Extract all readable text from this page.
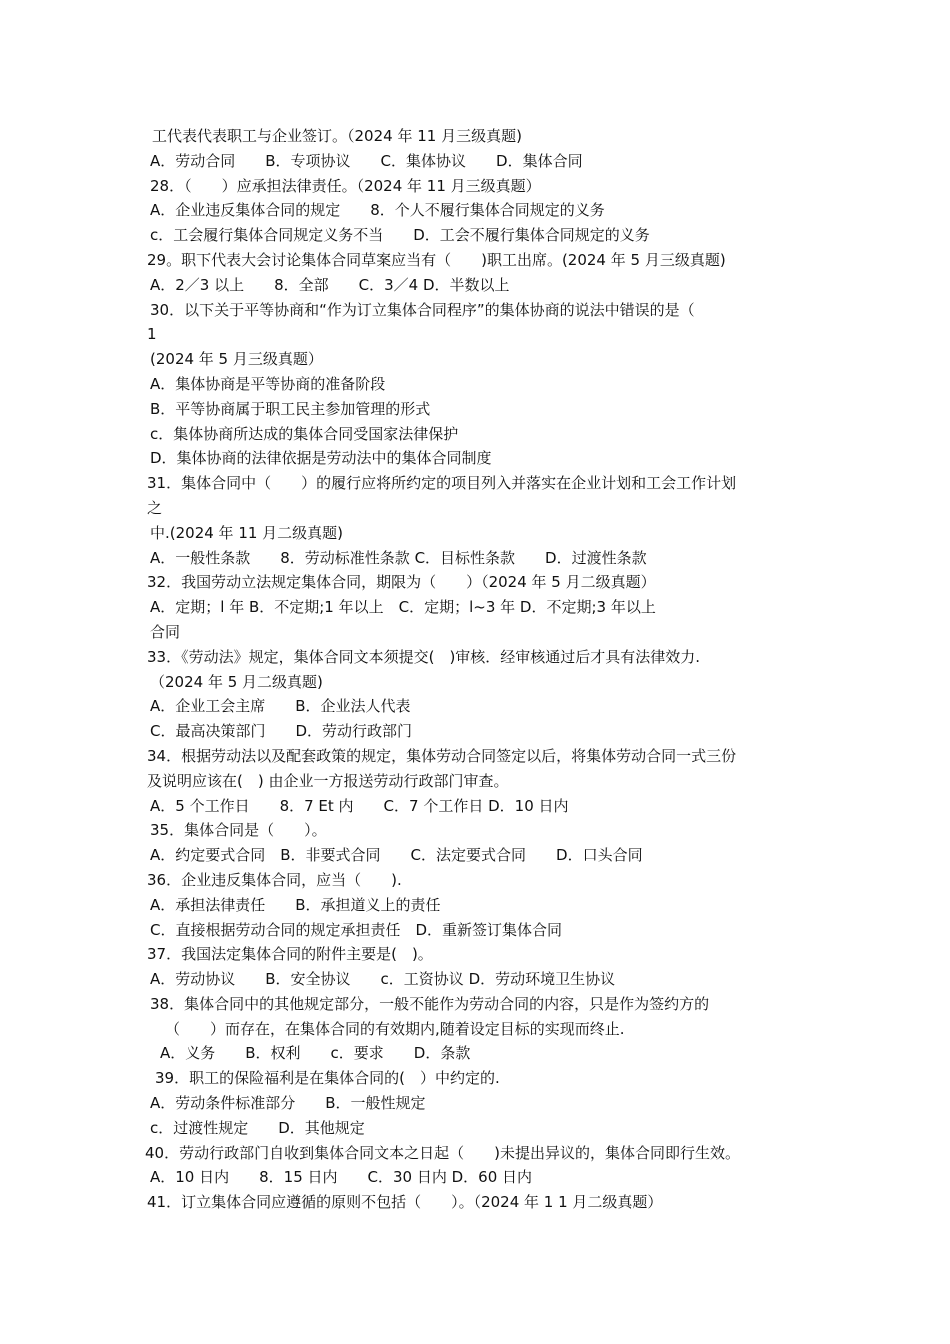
工代表代表职工与企业签订。（2024 年 11 月三级真题)
A．劳动合同　　B．专项协议　　C．集体协议　　D．集体合同
28．（　　）应承担法律责任。（2024 年 11 月三级真题）
A．企业违反集体合同的规定　　8．个人不履行集体合同规定的义务
c．工会履行集体合同规定义务不当　　D．工会不履行集体合同规定的义务
29。职下代表大会讨论集体合同草案应当有（　　)职工出席。(2024 年 5 月三级真题)
A．2／3 以上　　8．全部　　C．3／4 D．半数以上
30．以下关于平等协商和“作为订立集体合同程序”的集体协商的说法中错误的是（
1
(2024 年 5 月三级真题）
A．集体协商是平等协商的准备阶段
B．平等协商属于职工民主参加管理的形式
c．集体协商所达成的集体合同受国家法律保护
D．集体协商的法律依据是劳动法中的集体合同制度
31．集体合同中（　　）的履行应将所约定的项目列入并落实在企业计划和工会工作计划
之
中.(2024 年 11 月二级真题)
A．一般性条款　　8．劳动标准性条款 C．目标性条款　　D．过渡性条款
32．我国劳动立法规定集体合同，期限为（　　）（2024 年 5 月二级真题）
A．定期；l 年 B．不定期;1 年以上　C．定期；l~3 年 D．不定期;3 年以上
合同
33．《劳动法》规定，集体合同文本须提交(　)审核．经审核通过后才具有法律效力.
（2024 年 5 月二级真题)
A．企业工会主席　　B．企业法人代表
C．最高决策部门　　D．劳动行政部门
34．根据劳动法以及配套政策的规定，集体劳动合同签定以后，将集体劳动合同一式三份
及说明应该在(　) 由企业一方报送劳动行政部门审查。
A．5 个工作日　　8．7 Et 内　　C．7 个工作日 D．10 日内
35．集体合同是（　　）。
A．约定要式合同　B．非要式合同　　C．法定要式合同　　D．口头合同
36．企业违反集体合同，应当（　　).
A．承担法律责任　　B．承担道义上的责任
C．直接根据劳动合同的规定承担责任　D．重新签订集体合同
37．我国法定集体合同的附件主要是(　)。
A．劳动协议　　B．安全协议　　c．工资协议 D．劳动环境卫生协议
38．集体合同中的其他规定部分，一般不能作为劳动合同的内容，只是作为签约方的
（　　）而存在，在集体合同的有效期内,随着设定目标的实现而终止.
A．义务　　B．权利　　c．要求　　D．条款
39．职工的保险福利是在集体合同的(　）中约定的.
A．劳动条件标准部分　　B．一般性规定
c．过渡性规定　　D．其他规定
40．劳动行政部门自收到集体合同文本之日起（　　)未提出异议的，集体合同即行生效。
A．10 日内　　8．15 日内　　C．30 日内 D．60 日内
41．订立集体合同应遵循的原则不包括（　　）。（2024 年 1 1 月二级真题）
